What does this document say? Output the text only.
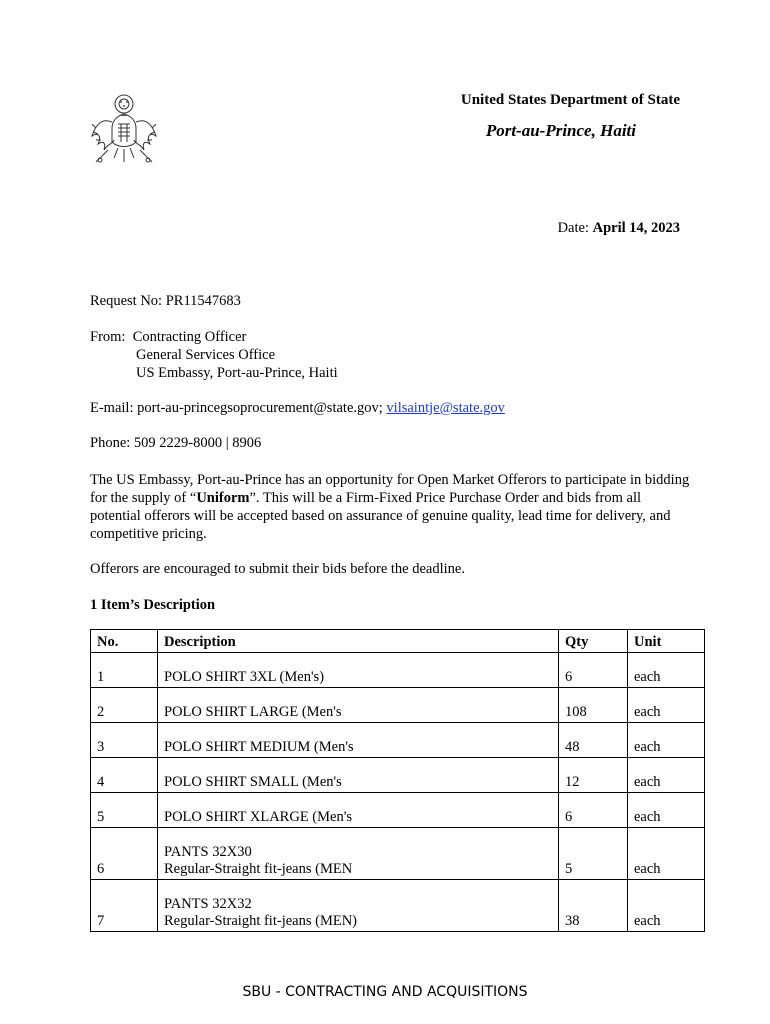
United States Department of State
Port-au-Prince, Haiti
Date: April 14, 2023
Request No: PR11547683
From: Contracting Officer
General Services Office
US Embassy, Port-au-Prince, Haiti
E-mail: port-au-princegsoprocurement@state.gov; vilsaintje@state.gov
Phone: 509 2229-8000 | 8906
The US Embassy, Port-au-Prince has an opportunity for Open Market Offerors to participate in bidding for the supply of “Uniform”. This will be a Firm-Fixed Price Purchase Order and bids from all potential offerors will be accepted based on assurance of genuine quality, lead time for delivery, and competitive pricing.
Offerors are encouraged to submit their bids before the deadline.
1 Item’s Description
No.	Description	Qty	Unit
1	POLO SHIRT 3XL (Men's)	6	each
2	POLO SHIRT LARGE (Men's	108	each
3	POLO SHIRT MEDIUM (Men's	48	each
4	POLO SHIRT SMALL (Men's	12	each
5	POLO SHIRT XLARGE (Men's	6	each
6	PANTS 32X30
Regular-Straight fit-jeans (MEN	5	each
7	PANTS 32X32
Regular-Straight fit-jeans (MEN)	38	each
SBU - CONTRACTING AND ACQUISITIONS
